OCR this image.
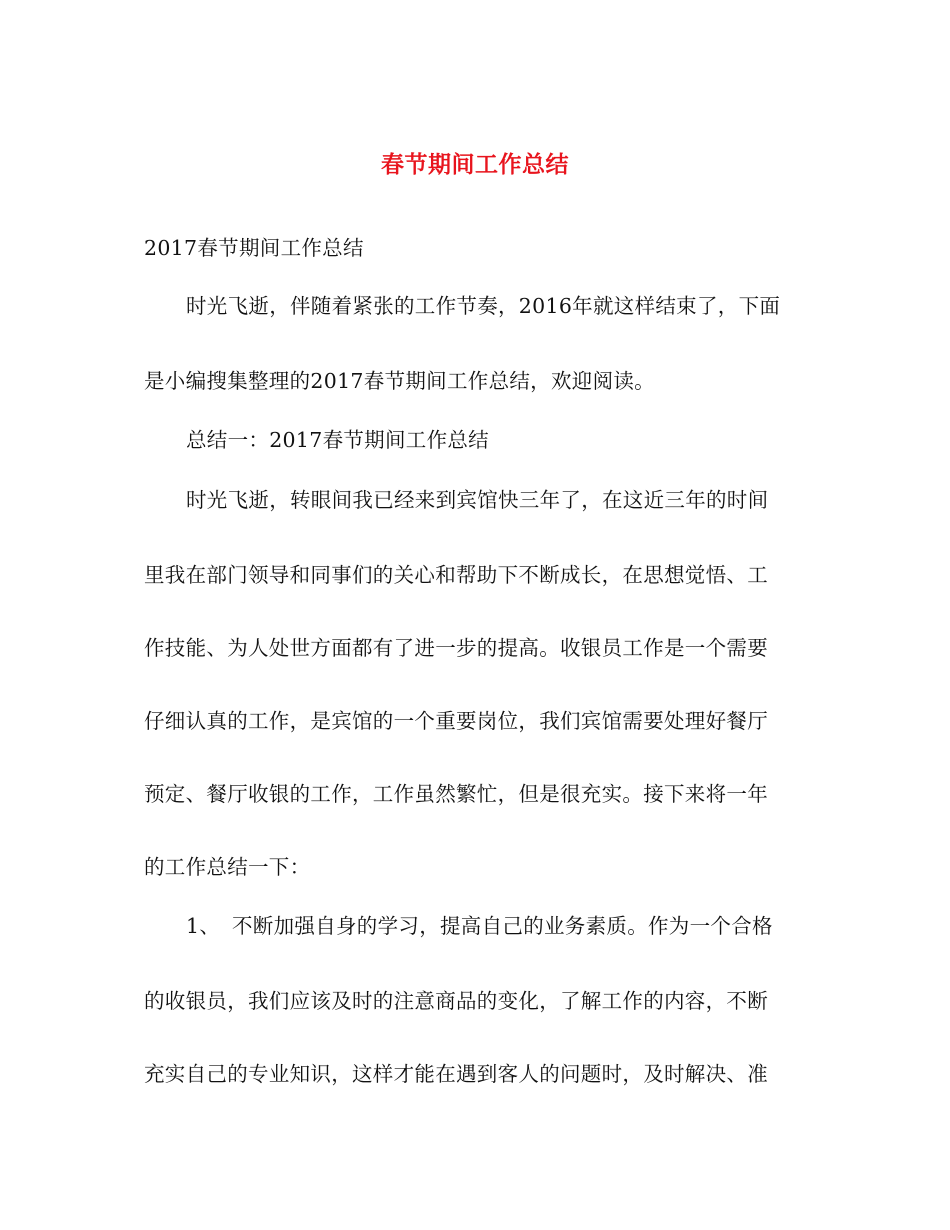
春节期间工作总结
2017春节期间工作总结
时光飞逝，伴随着紧张的工作节奏，2016年就这样结束了，下面
是小编搜集整理的2017春节期间工作总结，欢迎阅读。
总结一：2017春节期间工作总结
时光飞逝，转眼间我已经来到宾馆快三年了，在这近三年的时间
里我在部门领导和同事们的关心和帮助下不断成长，在思想觉悟、工
作技能、为人处世方面都有了进一步的提高。收银员工作是一个需要
仔细认真的工作，是宾馆的一个重要岗位，我们宾馆需要处理好餐厅
预定、餐厅收银的工作，工作虽然繁忙，但是很充实。接下来将一年
的工作总结一下：
1、 不断加强自身的学习，提高自己的业务素质。作为一个合格
的收银员，我们应该及时的注意商品的变化，了解工作的内容，不断
充实自己的专业知识，这样才能在遇到客人的问题时，及时解决、准
